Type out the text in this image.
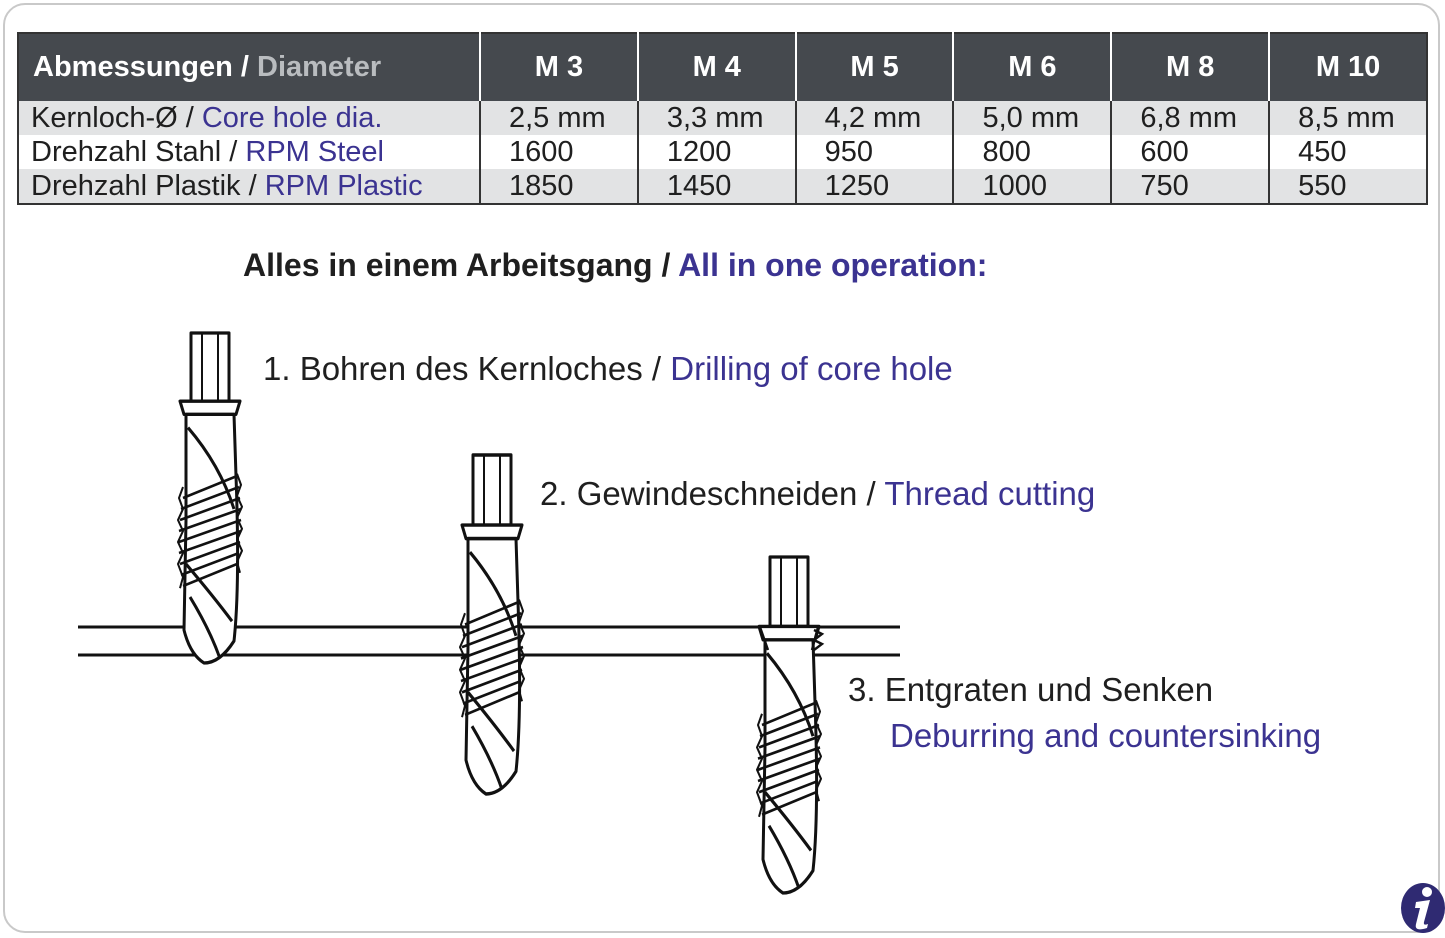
Abmessungen / Diameter	M 3	M 4	M 5	M 6	M 8	M 10
Kernloch-Ø / Core hole dia.	2,5 mm	3,3 mm	4,2 mm	5,0 mm	6,8 mm	8,5 mm
Drehzahl Stahl / RPM Steel	1600	1200	950	800	600	450
Drehzahl Plastik / RPM Plastic	1850	1450	1250	1000	750	550
Alles in einem Arbeitsgang / All in one operation:
1. Bohren des Kernloches / Drilling of core hole
2. Gewindeschneiden / Thread cutting
3. Entgraten und Senken
Deburring and countersinking
